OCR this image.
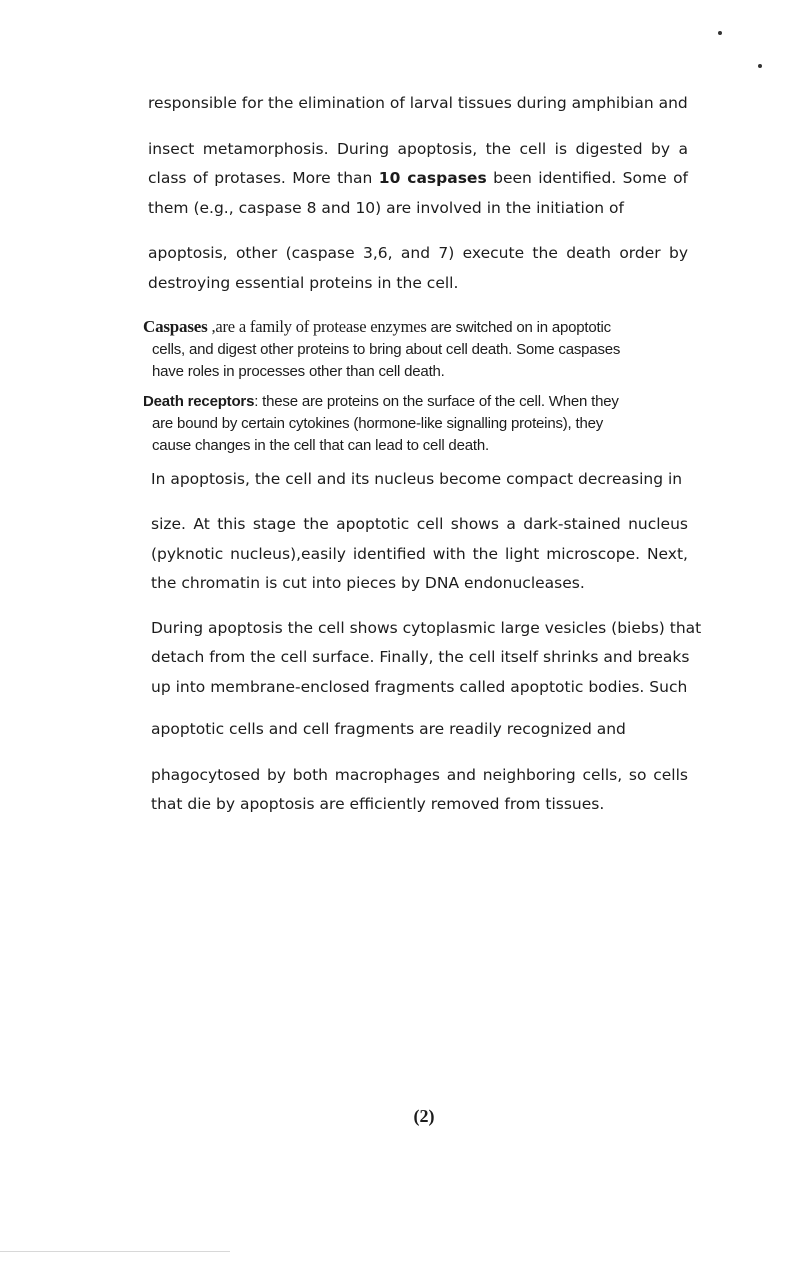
responsible for the elimination of larval tissues during amphibian and

insect metamorphosis. During apoptosis, the cell is digested by a

class of protases. More than 10 caspases been identified. Some of

them (e.g., caspase 8 and 10) are involved in the initiation of

apoptosis, other (caspase 3,6, and 7) execute the death order by

destroying essential proteins in the cell.

Caspases ,are a family of protease enzymes are switched on in apoptotic

cells, and digest other proteins to bring about cell death. Some caspases

have roles in processes other than cell death.

Death receptors: these are proteins on the surface of the cell. When they

are bound by certain cytokines (hormone-like signalling proteins), they

cause changes in the cell that can lead to cell death.

In apoptosis, the cell and its nucleus become compact decreasing in

size. At this stage the apoptotic cell shows a dark-stained nucleus

(pyknotic nucleus),easily identified with the light microscope. Next,

the chromatin is cut into pieces by DNA endonucleases.

During apoptosis the cell shows cytoplasmic large vesicles (biebs) that

detach from the cell surface. Finally, the cell itself shrinks and breaks

up into membrane-enclosed fragments called apoptotic bodies. Such

apoptotic cells and cell fragments are readily recognized and

phagocytosed by both macrophages and neighboring cells, so cells

that die by apoptosis are efficiently removed from tissues.

(2)
